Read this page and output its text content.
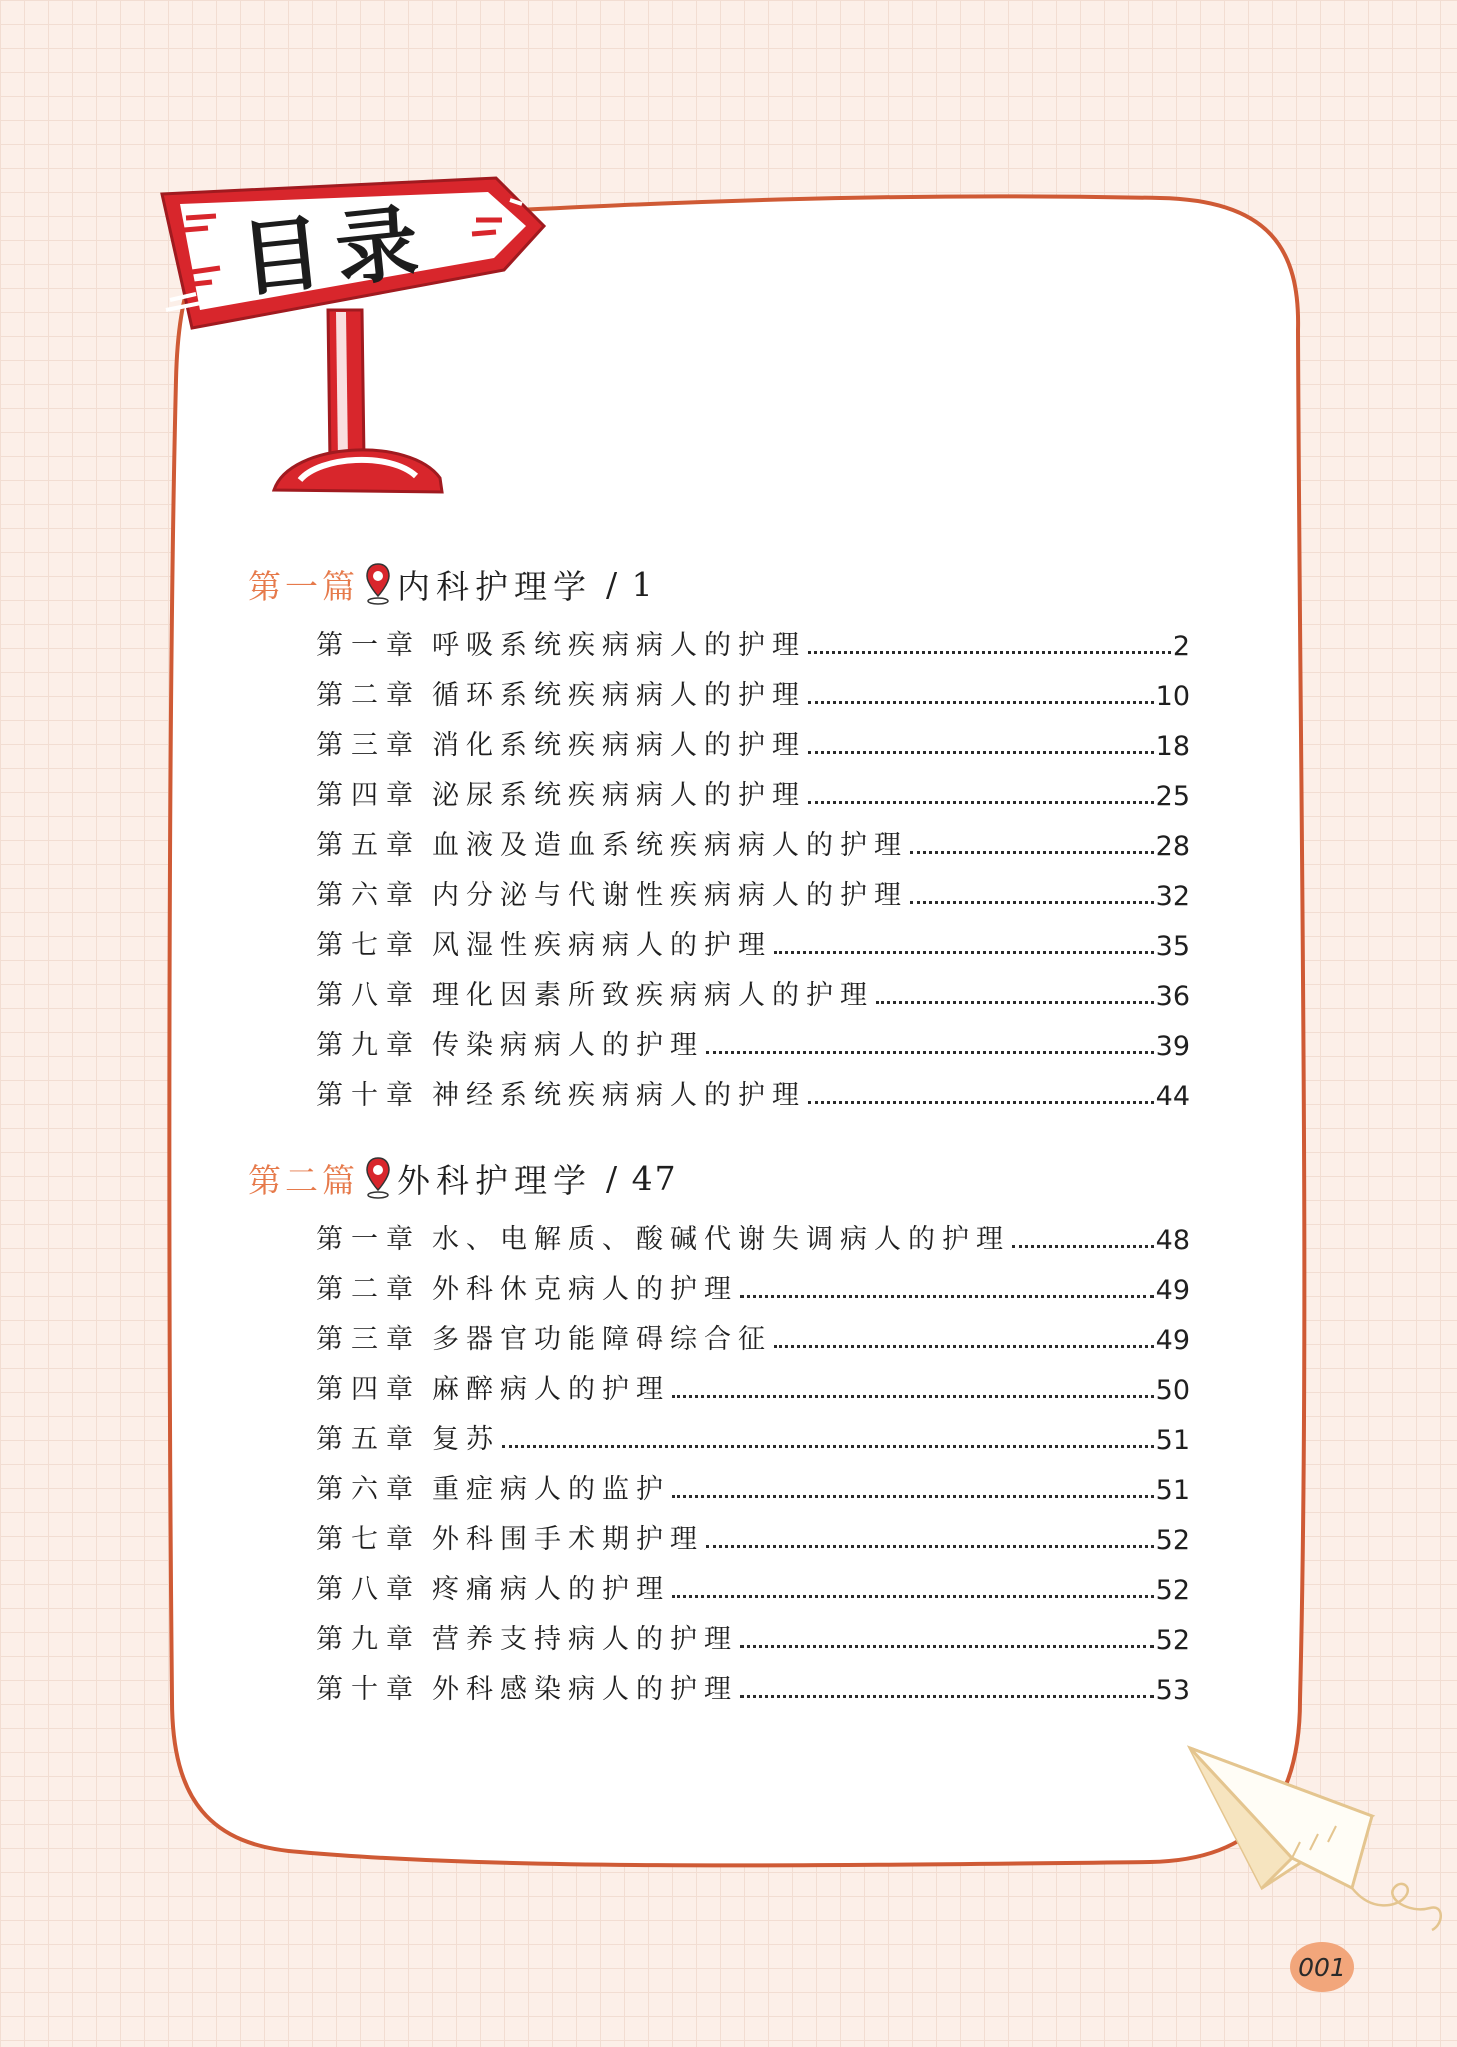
目录
第一篇 内科护理学 / 1
第一章 呼吸系统疾病病人的护理	2
第二章 循环系统疾病病人的护理	10
第三章 消化系统疾病病人的护理	18
第四章 泌尿系统疾病病人的护理	25
第五章 血液及造血系统疾病病人的护理	28
第六章 内分泌与代谢性疾病病人的护理	32
第七章 风湿性疾病病人的护理	35
第八章 理化因素所致疾病病人的护理	36
第九章 传染病病人的护理	39
第十章 神经系统疾病病人的护理	44
第二篇 外科护理学 / 47
第一章 水、电解质、酸碱代谢失调病人的护理	48
第二章 外科休克病人的护理	49
第三章 多器官功能障碍综合征	49
第四章 麻醉病人的护理	50
第五章 复苏	51
第六章 重症病人的监护	51
第七章 外科围手术期护理	52
第八章 疼痛病人的护理	52
第九章 营养支持病人的护理	52
第十章 外科感染病人的护理	53
001
